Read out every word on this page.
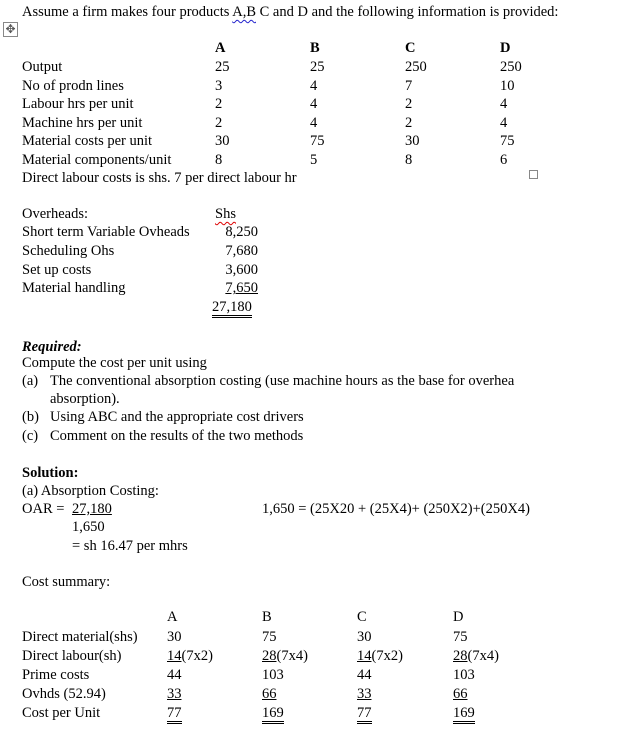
Assume a firm makes four products A,B C and D and the following information is provided:
✥
A	B	C	D
Output	25	25	250	250
No of prodn lines	3	4	7	10
Labour hrs per unit	2	4	2	4
Machine hrs per unit	2	4	2	4
Material costs per unit	30	75	30	75
Material components/unit	8	5	8	6
Direct labour costs is shs. 7 per direct labour hr
Overheads:	Shs
Short term Variable Ovheads	8,250
Scheduling Ohs	7,680
Set up costs	3,600
Material handling	7,650
27,180
Required:
Compute the cost per unit using
(a) The conventional absorption costing (use machine hours as the base for overhea
absorption).
(b) Using ABC and the appropriate cost drivers
(c) Comment on the results of the two methods
Solution:
(a) Absorption Costing:
OAR = 27,180
1,650
= sh 16.47 per mhrs
1,650 = (25X20 + (25X4)+ (250X2)+(250X4)
Cost summary:
A	B	C	D
Direct material(shs) 30	75	30	75
Direct labour(sh)	14(7x2)	28(7x4)	14(7x2)	28(7x4)
Prime costs	44	103	44	103
Ovhds (52.94)	33	66	33	66
Cost per Unit	77	169	77	169
